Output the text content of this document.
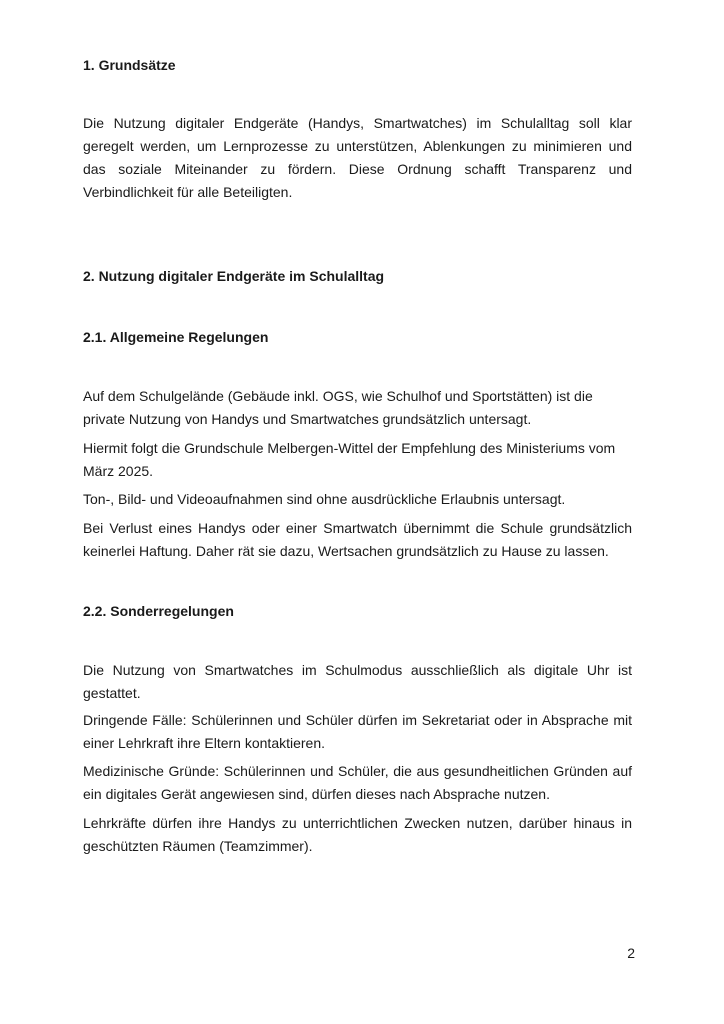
1. Grundsätze

Die Nutzung digitaler Endgeräte (Handys, Smartwatches) im Schulalltag soll klar geregelt werden, um Lernprozesse zu unterstützen, Ablenkungen zu minimieren und das soziale Miteinander zu fördern. Diese Ordnung schafft Transparenz und Verbindlichkeit für alle Beteiligten.

2. Nutzung digitaler Endgeräte im Schulalltag
2.1. Allgemeine Regelungen

Auf dem Schulgelände (Gebäude inkl. OGS, wie Schulhof und Sportstätten) ist die private Nutzung von Handys und Smartwatches grundsätzlich untersagt.

Hiermit folgt die Grundschule Melbergen-Wittel der Empfehlung des Ministeriums vom März 2025.

Ton-, Bild- und Videoaufnahmen sind ohne ausdrückliche Erlaubnis untersagt.

Bei Verlust eines Handys oder einer Smartwatch übernimmt die Schule grundsätzlich keinerlei Haftung. Daher rät sie dazu, Wertsachen grundsätzlich zu Hause zu lassen.

2.2. Sonderregelungen

Die Nutzung von Smartwatches im Schulmodus ausschließlich als digitale Uhr ist gestattet.

Dringende Fälle: Schülerinnen und Schüler dürfen im Sekretariat oder in Absprache mit einer Lehrkraft ihre Eltern kontaktieren.

Medizinische Gründe: Schülerinnen und Schüler, die aus gesundheitlichen Gründen auf ein digitales Gerät angewiesen sind, dürfen dieses nach Absprache nutzen.

Lehrkräfte dürfen ihre Handys zu unterrichtlichen Zwecken nutzen, darüber hinaus in geschützten Räumen (Teamzimmer).

2
